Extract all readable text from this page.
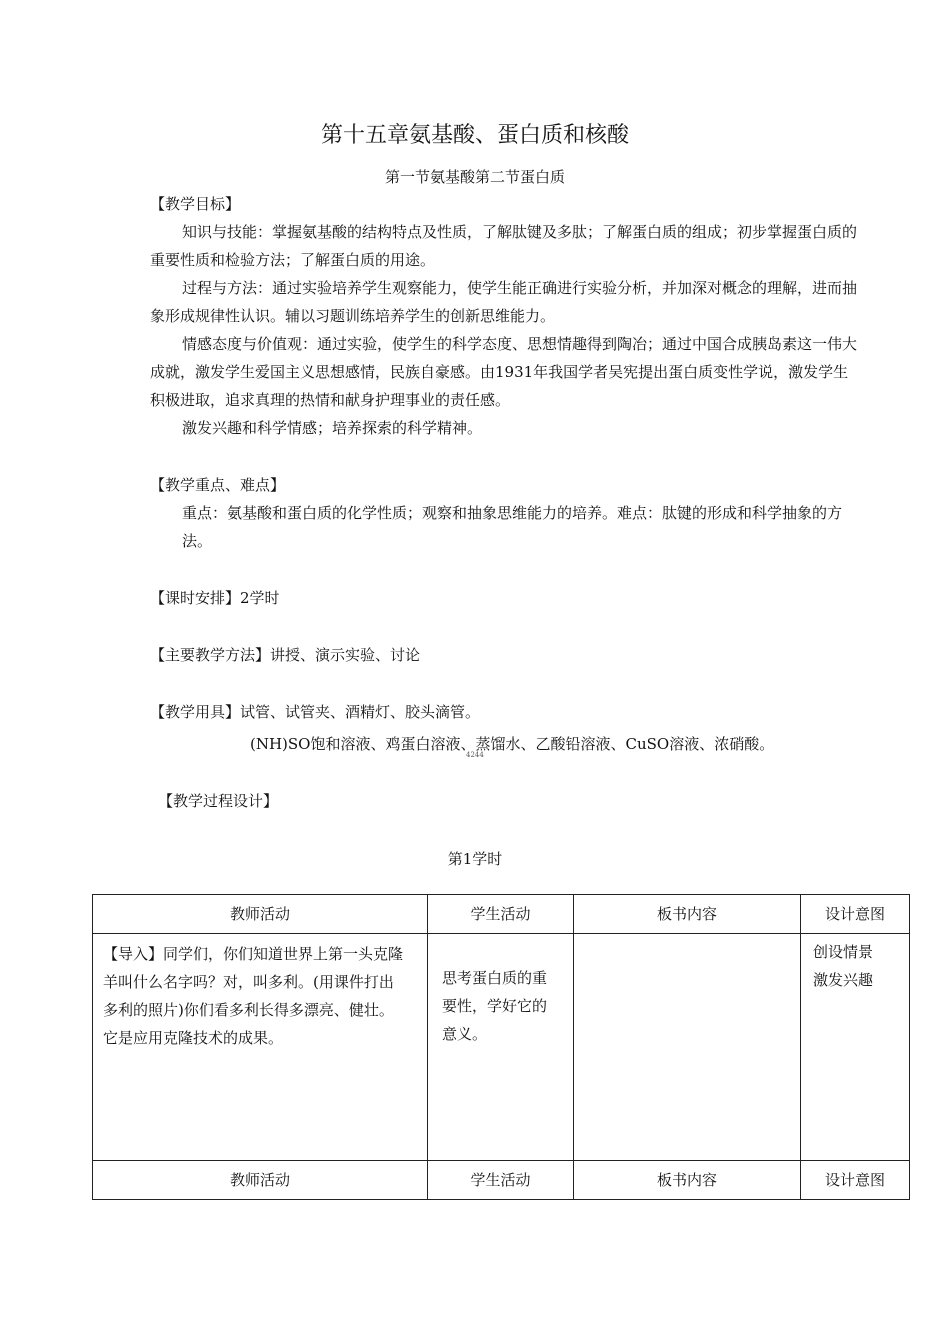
第十五章氨基酸、蛋白质和核酸
第一节氨基酸第二节蛋白质
【教学目标】
知识与技能：掌握氨基酸的结构特点及性质，了解肽键及多肽；了解蛋白质的组成；初步掌握蛋白质的重要性质和检验方法；了解蛋白质的用途。
过程与方法：通过实验培养学生观察能力，使学生能正确进行实验分析，并加深对概念的理解，进而抽象形成规律性认识。辅以习题训练培养学生的创新思维能力。
情感态度与价值观：通过实验，使学生的科学态度、思想情趣得到陶冶；通过中国合成胰岛素这一伟大成就，激发学生爱国主义思想感情，民族自豪感。由1931年我国学者吴宪提出蛋白质变性学说，激发学生积极进取，追求真理的热情和献身护理事业的责任感。
激发兴趣和科学情感；培养探索的科学精神。
【教学重点、难点】
重点：氨基酸和蛋白质的化学性质；观察和抽象思维能力的培养。难点：肽键的形成和科学抽象的方法。
【课时安排】2学时
【主要教学方法】讲授、演示实验、讨论
【教学用具】试管、试管夹、酒精灯、胶头滴管。
(NH)SO饱和溶液、鸡蛋白溶液、蒸馏水、乙酸铅溶液、CuSO溶液、浓硝酸。
4244
【教学过程设计】
第1学时
教师活动	学生活动	板书内容	设计意图

【导入】同学们，你们知道世界上第一头克隆羊叫什么名字吗？对，叫多利。(用课件打出多利的照片)你们看多利长得多漂亮、健壮。它是应用克隆技术的成果。	思考蛋白质的重要性，学好它的意义。		创设情景激发兴趣

教师活动	学生活动	板书内容	设计意图
